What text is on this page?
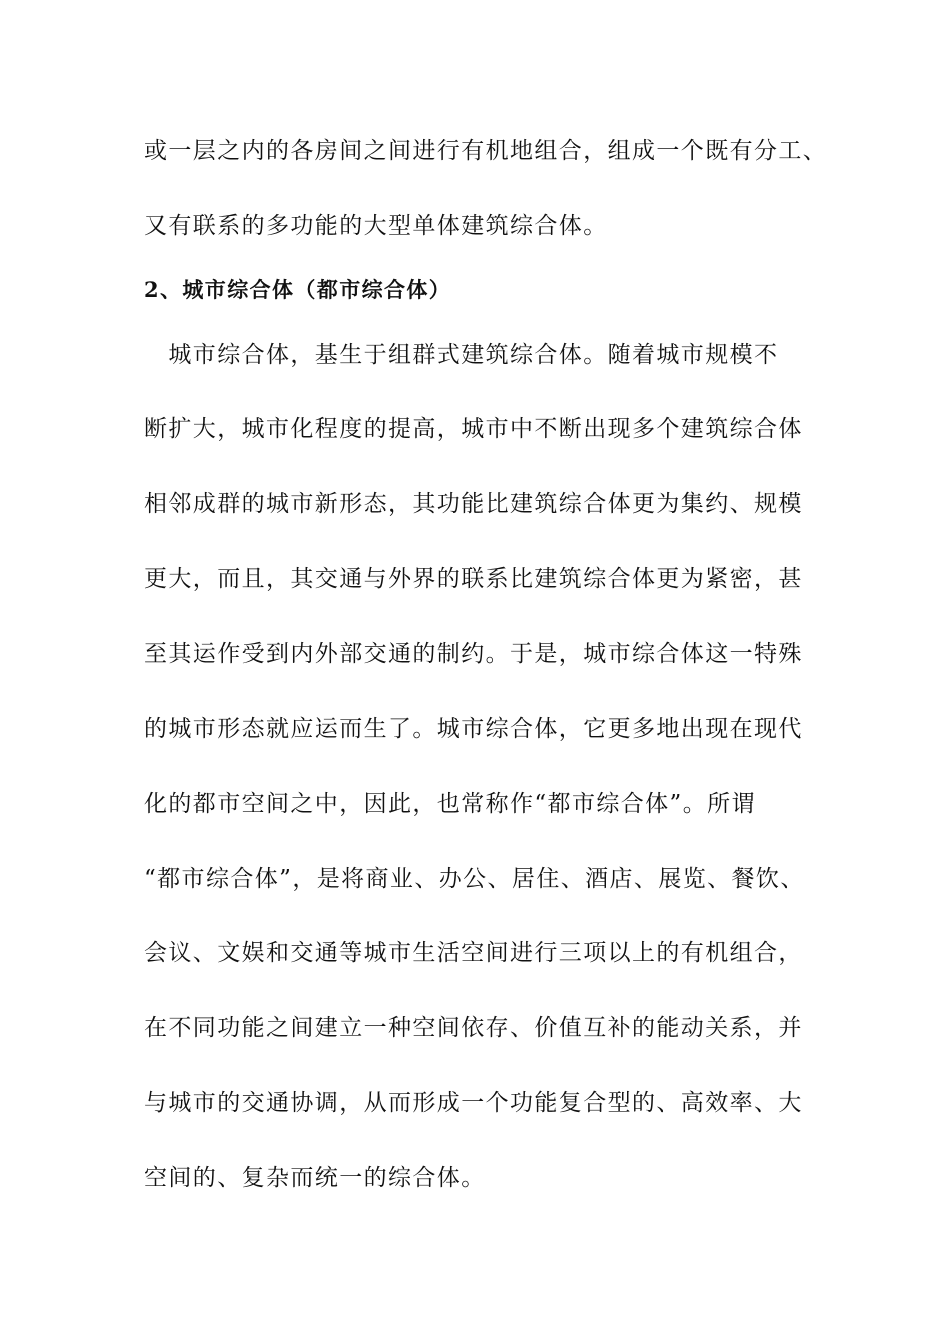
或一层之内的各房间之间进行有机地组合，组成一个既有分工、
又有联系的多功能的大型单体建筑综合体。
2、城市综合体（都市综合体）
　城市综合体，基生于组群式建筑综合体。随着城市规模不
断扩大，城市化程度的提高，城市中不断出现多个建筑综合体
相邻成群的城市新形态，其功能比建筑综合体更为集约、规模
更大，而且，其交通与外界的联系比建筑综合体更为紧密，甚
至其运作受到内外部交通的制约。于是，城市综合体这一特殊
的城市形态就应运而生了。城市综合体，它更多地出现在现代
化的都市空间之中，因此，也常称作“都市综合体”。所谓
“都市综合体”，是将商业、办公、居住、酒店、展览、餐饮、
会议、文娱和交通等城市生活空间进行三项以上的有机组合，
在不同功能之间建立一种空间依存、价值互补的能动关系，并
与城市的交通协调，从而形成一个功能复合型的、高效率、大
空间的、复杂而统一的综合体。
